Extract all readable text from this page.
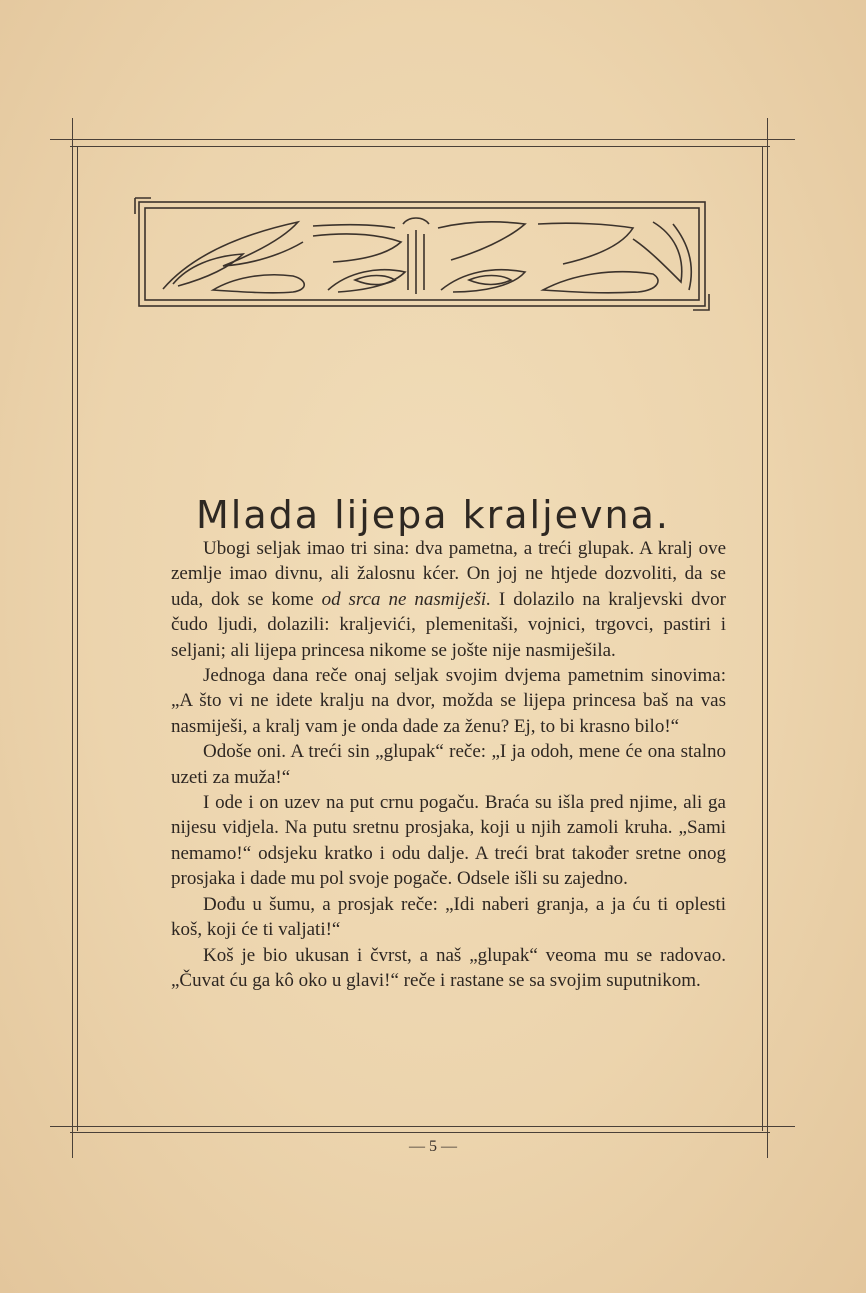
Mlada lijepa kraljevna.

Ubogi seljak imao tri sina: dva pametna, a treći glupak. A kralj ove zemlje imao divnu, ali žalosnu kćer. On joj ne htjede dozvoliti, da se uda, dok se kome od srca ne nasmiješi. I dolazilo na kraljevski dvor čudo ljudi, dolazili: kraljevići, plemenitaši, vojnici, trgovci, pastiri i seljani; ali lijepa princesa nikome se jošte nije nasmiješila.

Jednoga dana reče onaj seljak svojim dvjema pametnim sinovima: „A što vi ne idete kralju na dvor, možda se lijepa princesa baš na vas nasmiješi, a kralj vam je onda dade za ženu? Ej, to bi krasno bilo!“

Odoše oni. A treći sin „glupak“ reče: „I ja odoh, mene će ona stalno uzeti za muža!“

I ode i on uzev na put crnu pogaču. Braća su išla pred njime, ali ga nijesu vidjela. Na putu sretnu prosjaka, koji u njih zamoli kruha. „Sami nemamo!“ odsjeku kratko i odu dalje. A treći brat također sretne onog prosjaka i dade mu pol svoje pogače. Odsele išli su zajedno.

Dođu u šumu, a prosjak reče: „Idi naberi granja, a ja ću ti oplesti koš, koji će ti valjati!“

Koš je bio ukusan i čvrst, a naš „glupak“ veoma mu se radovao. „Čuvat ću ga kô oko u glavi!“ reče i rastane se sa svojim suputnikom.

— 5 —
